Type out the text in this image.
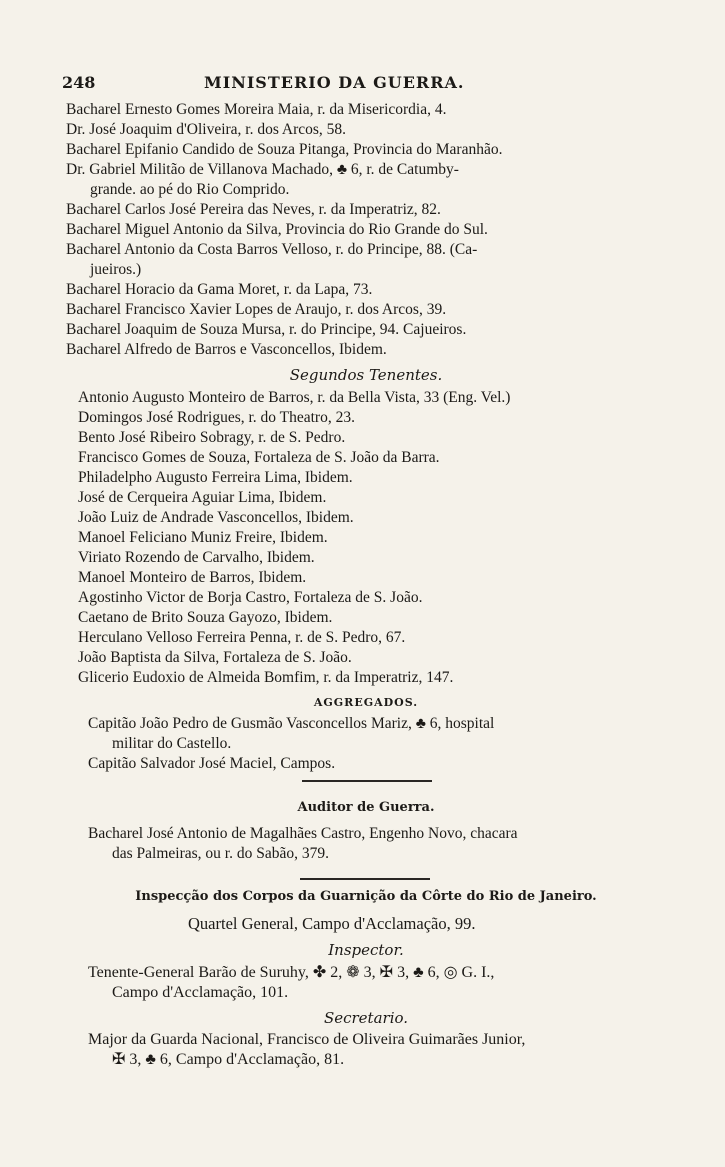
248	MINISTERIO DA GUERRA.
Bacharel Ernesto Gomes Moreira Maia, r. da Misericordia, 4.
Dr. José Joaquim d'Oliveira, r. dos Arcos, 58.
Bacharel Epifanio Candido de Souza Pitanga, Provincia do Maranhão.
Dr. Gabriel Militão de Villanova Machado, ♣ 6, r. de Catumby-
grande. ao pé do Rio Comprido.
Bacharel Carlos José Pereira das Neves, r. da Imperatriz, 82.
Bacharel Miguel Antonio da Silva, Provincia do Rio Grande do Sul.
Bacharel Antonio da Costa Barros Velloso, r. do Principe, 88. (Ca-
jueiros.)
Bacharel Horacio da Gama Moret, r. da Lapa, 73.
Bacharel Francisco Xavier Lopes de Araujo, r. dos Arcos, 39.
Bacharel Joaquim de Souza Mursa, r. do Principe, 94. Cajueiros.
Bacharel Alfredo de Barros e Vasconcellos, Ibidem.
Segundos Tenentes.
Antonio Augusto Monteiro de Barros, r. da Bella Vista, 33 (Eng. Vel.)
Domingos José Rodrigues, r. do Theatro, 23.
Bento José Ribeiro Sobragy, r. de S. Pedro.
Francisco Gomes de Souza, Fortaleza de S. João da Barra.
Philadelpho Augusto Ferreira Lima, Ibidem.
José de Cerqueira Aguiar Lima, Ibidem.
João Luiz de Andrade Vasconcellos, Ibidem.
Manoel Feliciano Muniz Freire, Ibidem.
Viriato Rozendo de Carvalho, Ibidem.
Manoel Monteiro de Barros, Ibidem.
Agostinho Victor de Borja Castro, Fortaleza de S. João.
Caetano de Brito Souza Gayozo, Ibidem.
Herculano Velloso Ferreira Penna, r. de S. Pedro, 67.
João Baptista da Silva, Fortaleza de S. João.
Glicerio Eudoxio de Almeida Bomfim, r. da Imperatriz, 147.
AGGREGADOS.
Capitão João Pedro de Gusmão Vasconcellos Mariz, ♣ 6, hospital
militar do Castello.
Capitão Salvador José Maciel, Campos.
Auditor de Guerra.
Bacharel José Antonio de Magalhães Castro, Engenho Novo, chacara
das Palmeiras, ou r. do Sabão, 379.
Inspecção dos Corpos da Guarnição da Côrte do Rio de Janeiro.
Quartel General, Campo d'Acclamação, 99.
Inspector.
Tenente-General Barão de Suruhy, ✤ 2, ❁ 3, ✠ 3, ♣ 6, ◎ G. I.,
Campo d'Acclamação, 101.
Secretario.
Major da Guarda Nacional, Francisco de Oliveira Guimarães Junior,
✠ 3, ♣ 6, Campo d'Acclamação, 81.
